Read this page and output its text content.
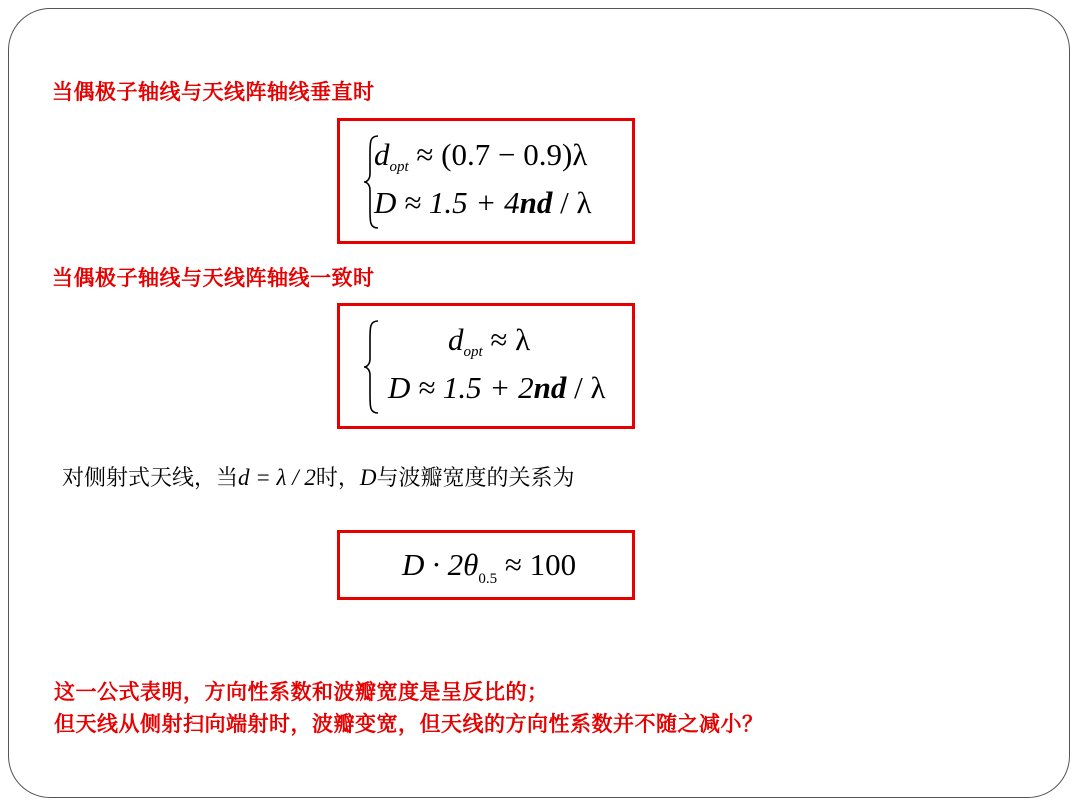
当偶极子轴线与天线阵轴线垂直时
dopt ≈ (0.7 − 0.9)λ
D ≈ 1.5 + 4nd / λ
当偶极子轴线与天线阵轴线一致时
dopt ≈ λ
D ≈ 1.5 + 2nd / λ
对侧射式天线，当d = λ / 2时，D与波瓣宽度的关系为
$D \cdot 2\theta_{0.5} \approx 100$
这一公式表明，方向性系数和波瓣宽度是呈反比的；
但天线从侧射扫向端射时，波瓣变宽，但天线的方向性系数并不随之减小？
